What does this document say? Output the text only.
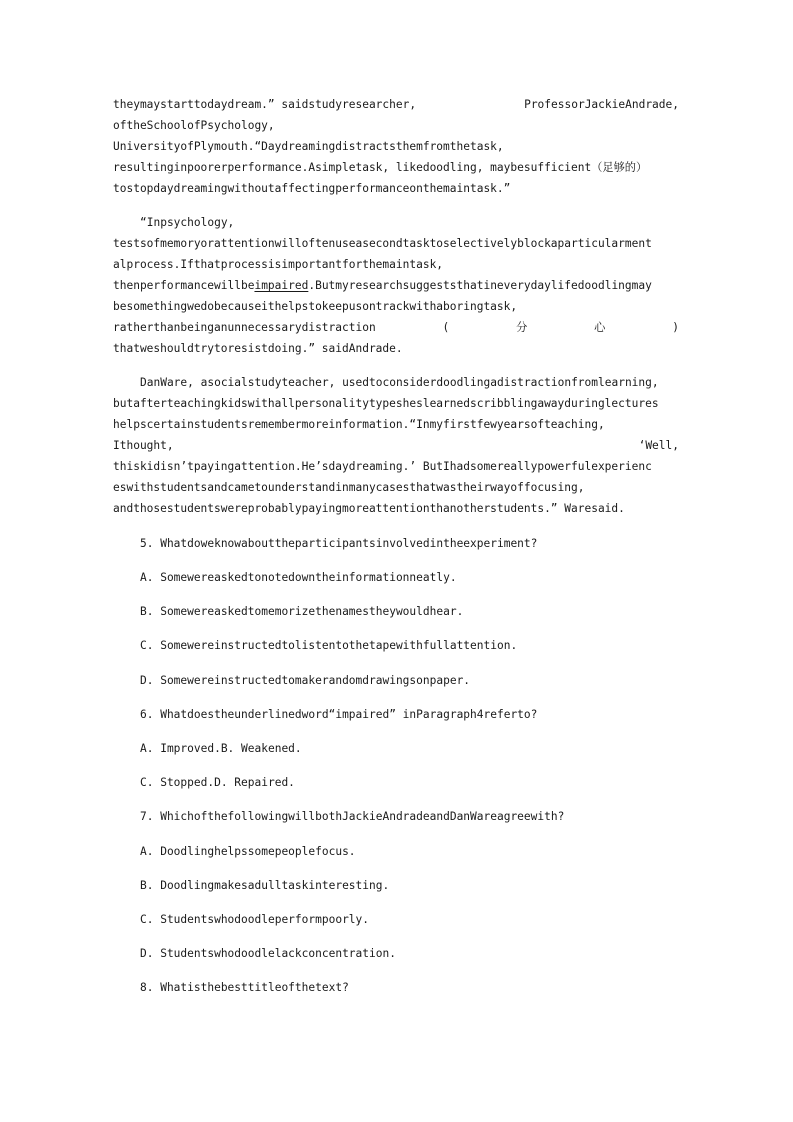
theymaystarttodaydream.” saidstudyresearcher,	ProfessorJackieAndrade,
oftheSchoolofPsychology,
UniversityofPlymouth.“Daydreamingdistractsthemfromthetask,
resultinginpoorerperformance.Asimpletask, likedoodling, maybesufficient（足够的）
tostopdaydreamingwithoutaffectingperformanceonthemaintask.”
“Inpsychology,
testsofmemoryorattentionwilloftenuseasecondtasktoselectivelyblockaparticularment
alprocess.Ifthatprocessisimportantforthemaintask,
thenperformancewillbeimpaired.Butmyresearchsuggeststhatineverydaylifedoodlingmay
besomethingwedobecauseithelpstokeepusontrackwithaboringtask,
ratherthanbeinganunnecessarydistraction	(	分	心	)
thatweshouldtrytoresistdoing.” saidAndrade.
DanWare, asocialstudyteacher, usedtoconsiderdoodlingadistractionfromlearning,
butafterteachingkidswithallpersonalitytypesheslearnedscribblingawayduringlectures
helpscertainstudentsremembermoreinformation.“Inmyfirstfewyearsofteaching,
Ithought,	‘Well,
thiskidisn’tpayingattention.He’sdaydreaming.’ ButIhadsomereallypowerfulexperienc
eswithstudentsandcametounderstandinmanycasesthatwastheirwayoffocusing,
andthosestudentswereprobablypayingmoreattentionthanotherstudents.” Waresaid.
5. Whatdoweknowabouttheparticipantsinvolvedintheexperiment?
A. Somewereaskedtonotedowntheinformationneatly.
B. Somewereaskedtomemorizethenamestheywouldhear.
C. Somewereinstructedtolistentothetapewithfullattention.
D. Somewereinstructedtomakerandomdrawingsonpaper.
6. Whatdoestheunderlinedword“impaired” inParagraph4referto?
A. Improved.B. Weakened.
C. Stopped.D. Repaired.
7. WhichofthefollowingwillbothJackieAndradeandDanWareagreewith?
A. Doodlinghelpssomepeoplefocus.
B. Doodlingmakesadulltaskinteresting.
C. Studentswhodoodleperformpoorly.
D. Studentswhodoodlelackconcentration.
8. Whatisthebesttitleofthetext?
